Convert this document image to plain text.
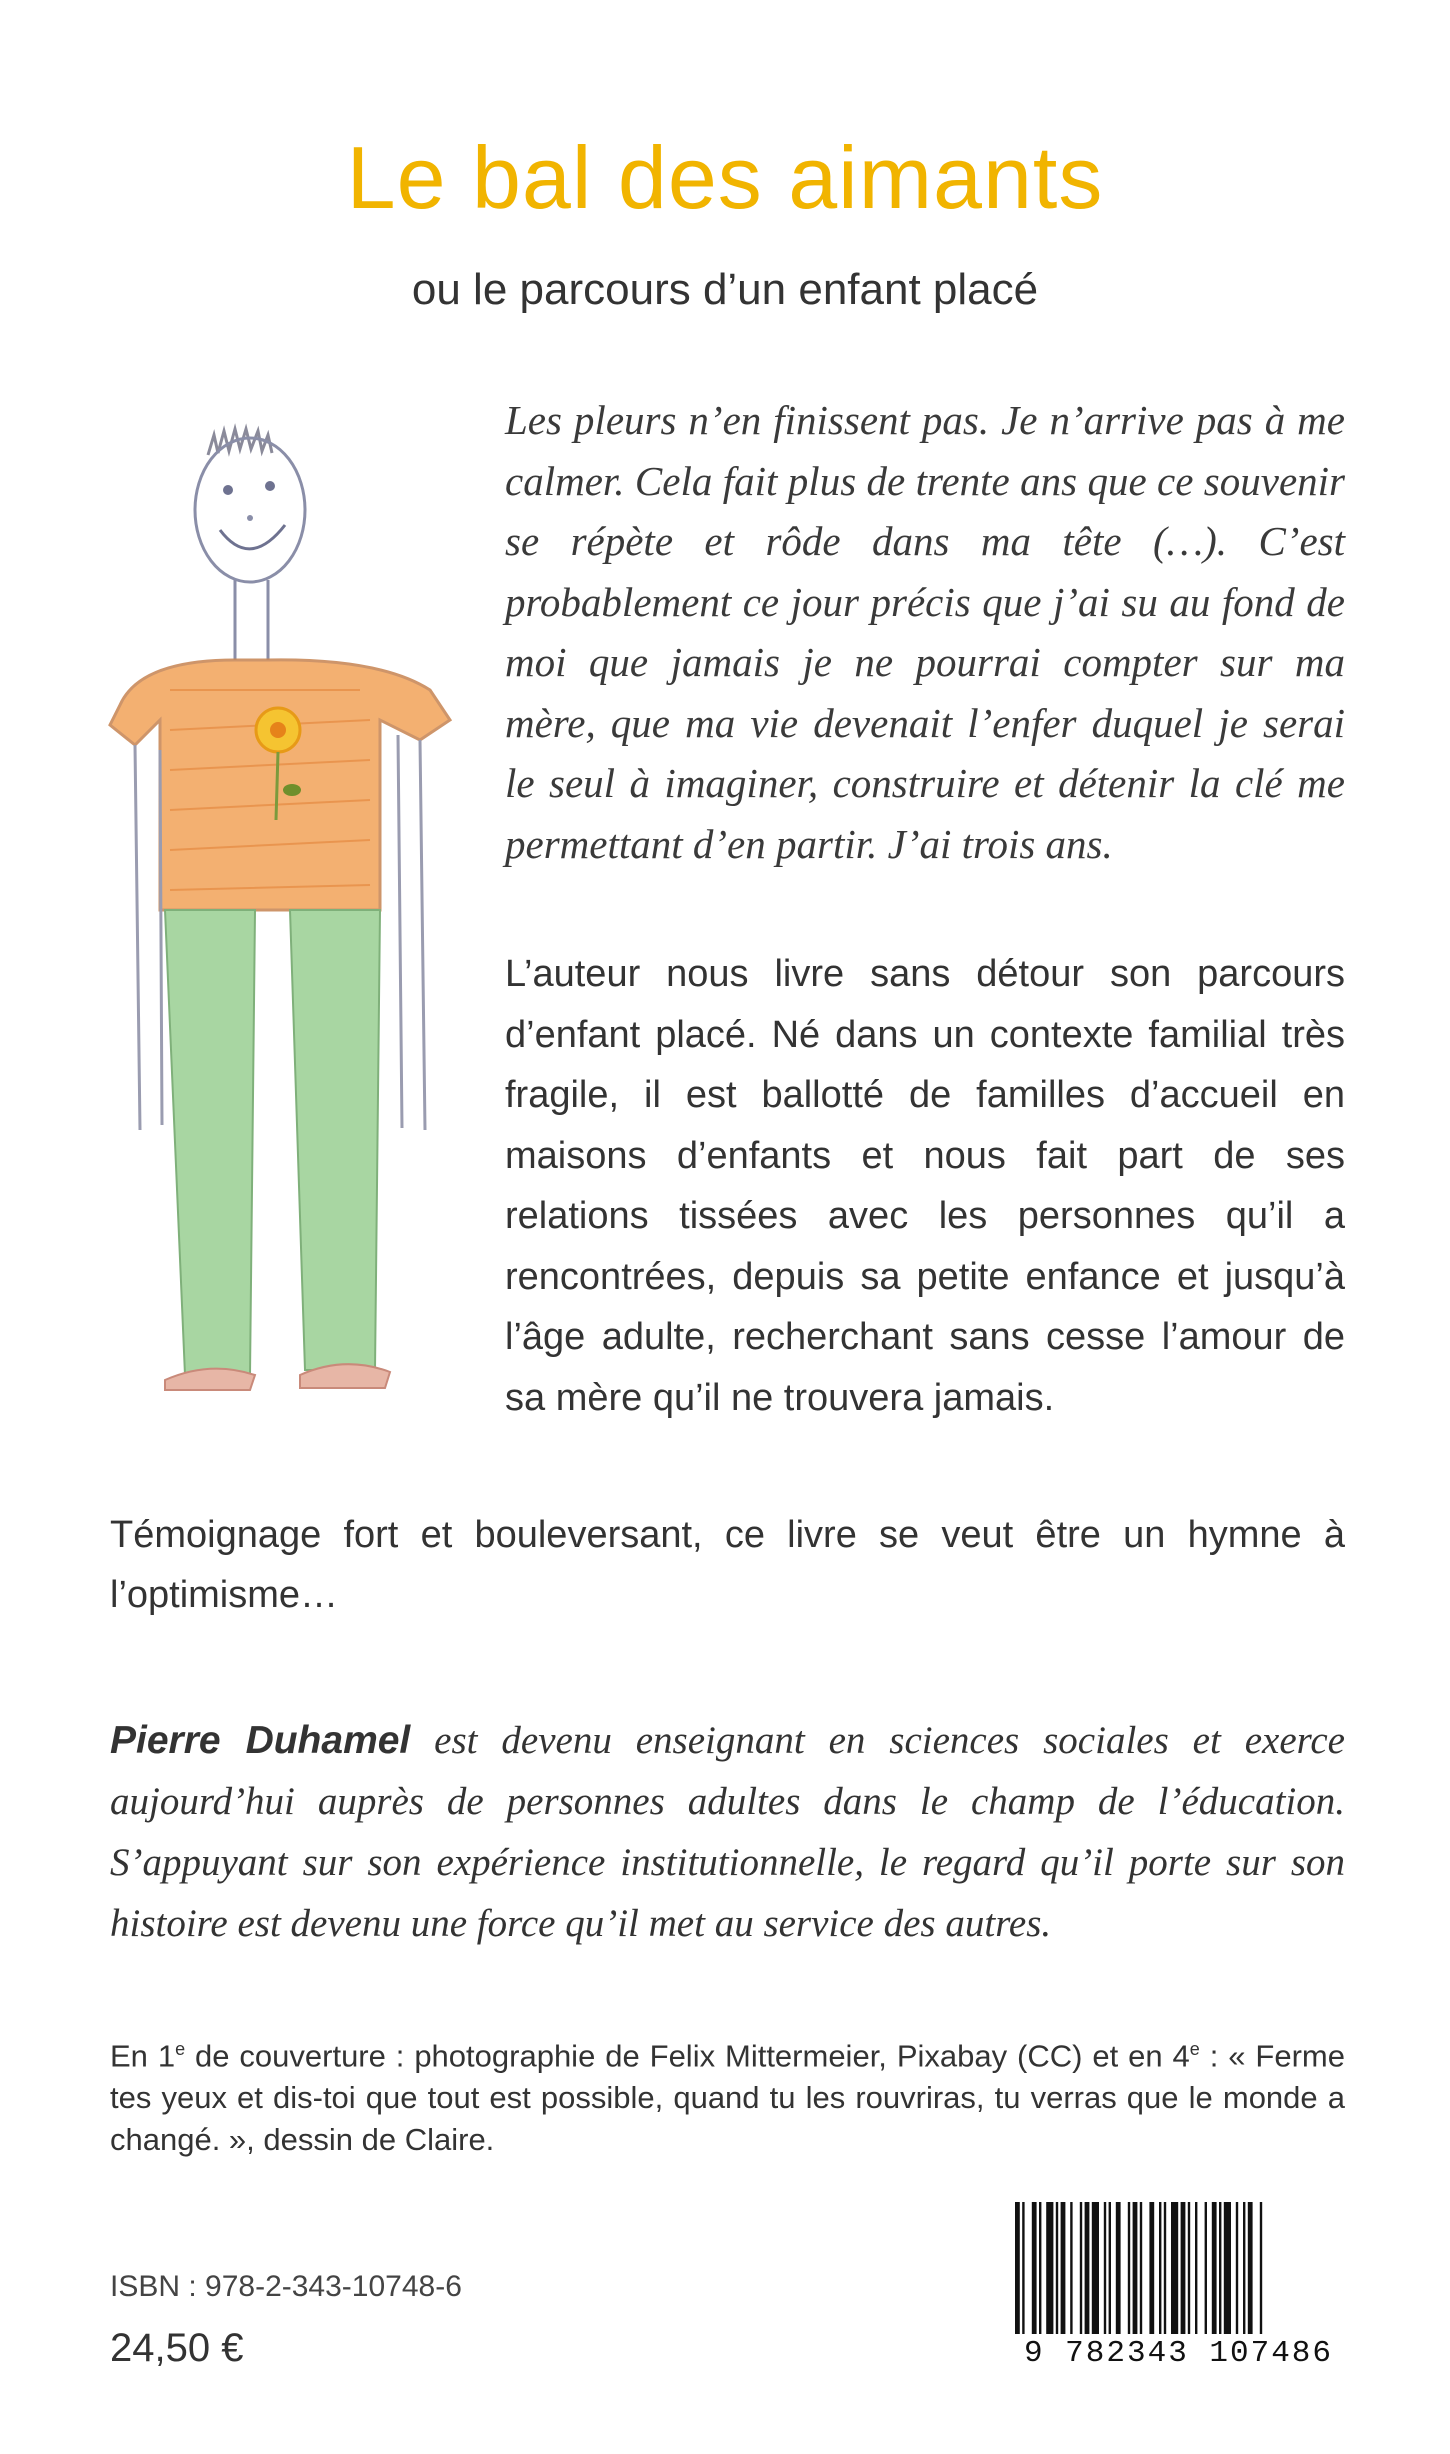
Le bal des aimants
ou le parcours d’un enfant placé

Les pleurs n’en finissent pas. Je n’arrive pas à me calmer. Cela fait plus de trente ans que ce souvenir se répète et rôde dans ma tête (…). C’est probablement ce jour précis que j’ai su au fond de moi que jamais je ne pourrai compter sur ma mère, que ma vie devenait l’enfer duquel je serai le seul à imaginer, construire et détenir la clé me permettant d’en partir. J’ai trois ans.

L’auteur nous livre sans détour son parcours d’enfant placé. Né dans un contexte familial très fragile, il est ballotté de familles d’accueil en maisons d’enfants et nous fait part de ses relations tissées avec les personnes qu’il a rencontrées, depuis sa petite enfance et jusqu’à l’âge adulte, recherchant sans cesse l’amour de sa mère qu’il ne trouvera jamais.

Témoignage fort et bouleversant, ce livre se veut être un hymne à l’optimisme…

Pierre Duhamel est devenu enseignant en sciences sociales et exerce aujourd’hui auprès de personnes adultes dans le champ de l’éducation. S’appuyant sur son expérience institutionnelle, le regard qu’il porte sur son histoire est devenu une force qu’il met au service des autres.

En 1e de couverture : photographie de Felix Mittermeier, Pixabay (CC) et en 4e : « Ferme tes yeux et dis-toi que tout est possible, quand tu les rouvriras, tu verras que le monde a changé. », dessin de Claire.

ISBN : 978-2-343-10748-6
24,50 €	9 782343 107486
